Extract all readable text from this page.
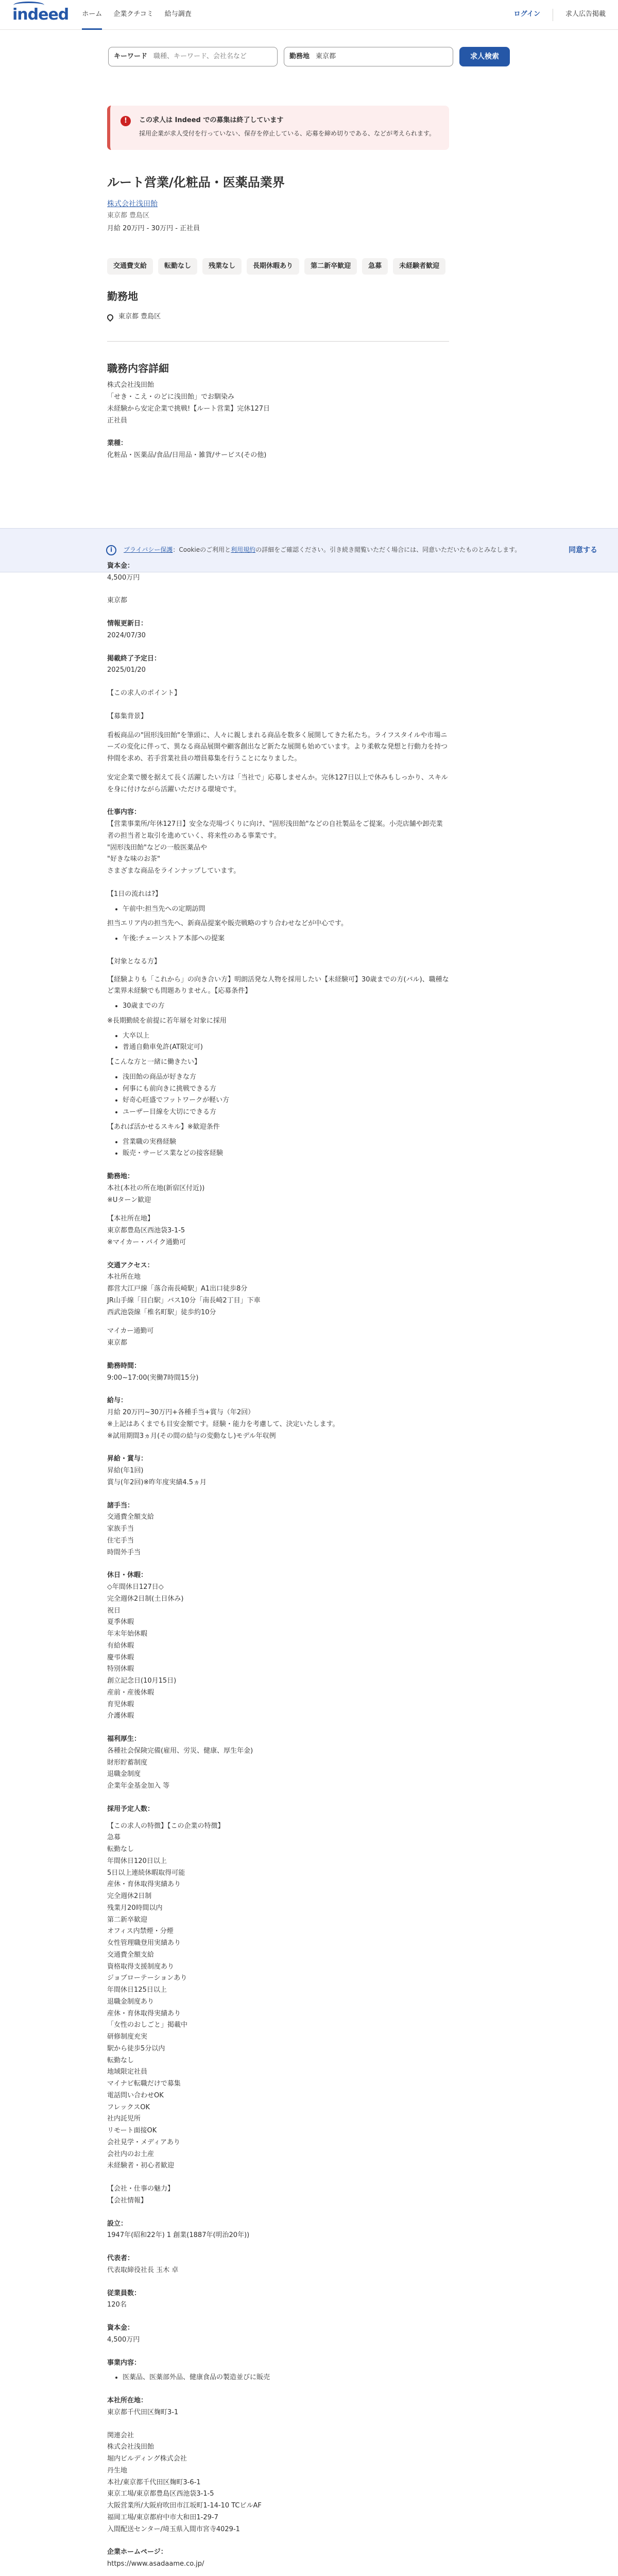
indeed ホーム 企業クチコミ 給与調査	ログイン	求人広告掲載
キーワード 職種、キーワード、会社名など	勤務地 東京都	求人検索
i	プライバシー保護：Cookieのご利用と利用規約の詳細をご確認ください。引き続き閲覧いただく場合には、同意いただいたものとみなします。	同意する
!	この求人は Indeed での募集は終了しています
採用企業が求人受付を行っていない、保存を停止している、応募を締め切りである、などが考えられます。
ルート営業/化粧品・医薬品業界
株式会社浅田飴
東京都 豊島区
月給 20万円 - 30万円 - 正社員
交通費支給	転勤なし	残業なし	長期休暇あり	第二新卒歓迎	急募	未経験者歓迎
勤務地
東京都 豊島区
職務内容詳細

株式会社浅田飴

「せき・こえ・のどに浅田飴」でお馴染み

未経験から安定企業で挑戦!【ルート営業】完休127日

正社員

業種：

化粧品・医薬品/食品/日用品・雑貨/サービス(その他)

資本金：

4,500万円

東京都

情報更新日：

2024/07/30

掲載終了予定日：

2025/01/20

【この求人のポイント】

【募集背景】

看板商品の"固形浅田飴"を筆頭に、人々に親しまれる商品を数多く展開してきた私たち。ライフスタイルや市場ニーズの変化に伴って、異なる商品展開や顧客創出など新たな展開も始めています。より柔軟な発想と行動力を持つ仲間を求め、若手営業社員の増員募集を行うことになりました。

安定企業で腰を据えて長く活躍したい方は「当社で」応募しませんか。完休127日以上で休みもしっかり、スキルを身に付けながら活躍いただける環境です。

仕事内容：

【営業事業所/年休127日】安全な売場づくりに向け、"固形浅田飴"などの自社製品をご提案。小売店舗や卸売業者の担当者と取引を進めていく、将来性のある事業です。

"固形浅田飴"などの一般医薬品や

"好きな味のお茶"

さまざまな商品をラインナップしています。

【1日の流れは?】

• 午前中:担当先への定期訪問

担当エリア内の担当先へ、新商品提案や販売戦略のすり合わせなどが中心です。

• 午後:チェーンストア本部への提案

【対象となる方】

【経験よりも「これから」の向き合い方】明朗活発な人物を採用したい【未経験可】30歳までの方(バル)、職種など業界未経験でも問題ありません。【応募条件】

• 30歳までの方

※長期勤続を前提に若年層を対象に採用

• 大卒以上
• 普通自動車免許(AT限定可)

【こんな方と一緒に働きたい】

• 浅田飴の商品が好きな方
• 何事にも前向きに挑戦できる方
• 好奇心旺盛でフットワークが軽い方
• ユーザー目線を大切にできる方

【あれば活かせるスキル】※歓迎条件

• 営業職の実務経験
• 販売・サービス業などの接客経験

勤務地：

本社(本社の所在地(新宿区付近))

※Uターン歓迎

【本社所在地】

東京都豊島区西池袋3-1-5

※マイカー・バイク通勤可

交通アクセス：

本社所在地

都営大江戸線「落合南長崎駅」A1出口徒歩8分

JR山手線「目白駅」バス10分「南長崎2丁目」下車

西武池袋線「椎名町駅」徒歩約10分

マイカー通勤可

東京都

勤務時間：

9:00~17:00(実働7時間15分)

給与：

月給 20万円~30万円+各種手当+賞与（年2回）

※上記はあくまでも目安金額です。経験・能力を考慮して、決定いたします。

※試用期間3ヵ月(その間の給与の変動なし)モデル年収例

昇給・賞与：

昇給(年1回)

賞与(年2回)※昨年度実績4.5ヵ月

諸手当：

交通費全額支給

家族手当

住宅手当

時間外手当

休日・休暇：

◇年間休日127日◇

完全週休2日制(土日休み)

祝日

夏季休暇

年末年始休暇

有給休暇

慶弔休暇

特別休暇

創立記念日(10月15日)

産前・産後休暇

育児休暇

介護休暇

福利厚生：

各種社会保険完備(雇用、労災、健康、厚生年金)

財形貯蓄制度

退職金制度

企業年金基金加入 等

採用予定人数：

【この求人の特徴】【この企業の特徴】

急募

転勤なし

年間休日120日以上

5日以上連続休暇取得可能

産休・育休取得実績あり

完全週休2日制

残業月20時間以内

第二新卒歓迎

オフィス内禁煙・分煙

女性管理職登用実績あり

交通費全額支給

資格取得支援制度あり

ジョブローテーションあり

年間休日125日以上

退職金制度あり

産休・育休取得実績あり

「女性のおしごと」掲載中

研修制度充実

駅から徒歩5分以内

転勤なし

地域限定社員

マイナビ転職だけで募集

電話問い合わせOK

フレックスOK

社内託児所

リモート面接OK

会社見学・メディアあり

会社内のお土産

未経験者・初心者歓迎

【会社・仕事の魅力】

【会社情報】

設立：

1947年(昭和22年) 1 創業(1887年(明治20年))

代表者：

代表取締役社長 玉木 卓

従業員数：

120名

資本金：

4,500万円

事業内容：

• 医薬品、医薬部外品、健康食品の製造並びに販売

本社所在地：

東京都千代田区麹町3-1

関連会社

株式会社浅田飴

堀内ビルディング株式会社

丹生地

本社/東京都千代田区麹町3-6-1

東京工場/東京都豊島区西池袋3-1-5

大阪営業所/大阪府吹田市江坂町1-14-10 TCビルAF

福岡工場/東京都府中市大和田1-29-7

入間配送センター/埼玉県入間市宮寺4029-1

企業ホームページ：

https://www.asadaame.co.jp/
